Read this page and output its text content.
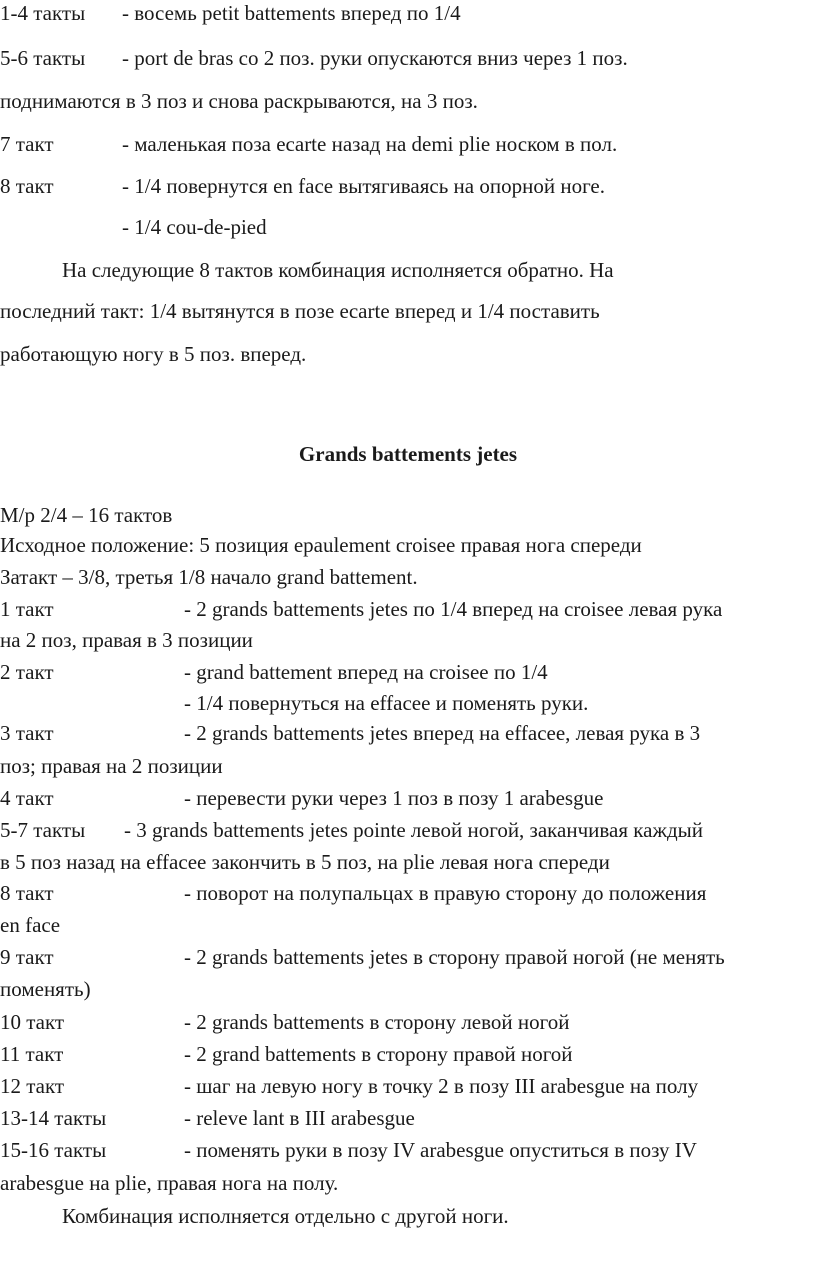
1-4 такты - восемь petit battements вперед по 1/4
5-6 такты - port de bras со 2 поз. руки опускаются вниз через 1 поз.
поднимаются в 3 поз и снова раскрываются, на 3 поз.
7 такт	- маленькая поза ecarte назад на demi plie носком в пол.
8 такт	- 1/4 повернутся en face вытягиваясь на опорной ноге.
- 1/4 cou-de-pied
На следующие 8 тактов комбинация исполняется обратно. На
последний такт: 1/4 вытянутся в позе ecarte вперед и 1/4 поставить
работающую ногу в 5 поз. вперед.
Grands battements jetes
М/р 2/4 – 16 тактов
Исходное положение: 5 позиция epaulement croisee правая нога спереди
Затакт – 3/8, третья 1/8 начало grand battement.
1 такт	- 2 grands battements jetes по 1/4 вперед на croisee левая рука
на 2 поз, правая в 3 позиции
2 такт	- grand battement вперед на croisee по 1/4
- 1/4 повернуться на effacee и поменять руки.
3 такт	- 2 grands battements jetes вперед на effacee, левая рука в 3
поз; правая на 2 позиции
4 такт	- перевести руки через 1 поз в позу 1 arabesgue
5-7 такты - 3 grands battements jetes pointe левой ногой, заканчивая каждый
в 5 поз назад на effacee закончить в 5 поз, на plie левая нога спереди
8 такт	- поворот на полупальцах в правую сторону до положения
en face
9 такт	- 2 grands battements jetes в сторону правой ногой (не менять
поменять)
10 такт	- 2 grands battements в сторону левой ногой
11 такт	- 2 grand battements в сторону правой ногой
12 такт	- шаг на левую ногу в точку 2 в позу III arabesgue на полу
13-14 такты	- releve lant в III arabesgue
15-16 такты	- поменять руки в позу IV arabesgue опуститься в позу IV
arabesgue на plie, правая нога на полу.
Комбинация исполняется отдельно с другой ноги.
